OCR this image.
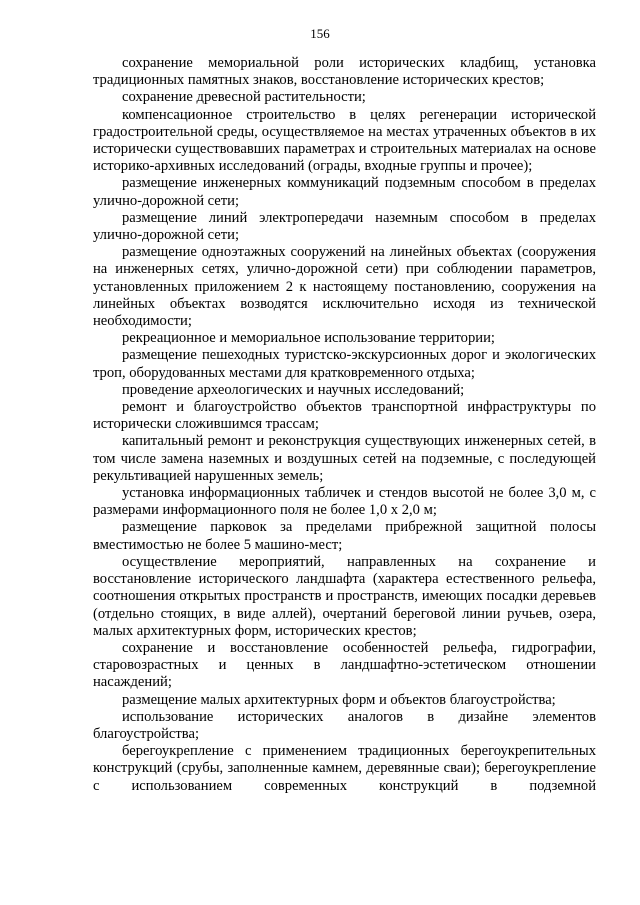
156

сохранение мемориальной роли исторических кладбищ, установка традиционных памятных знаков, восстановление исторических крестов;

сохранение древесной растительности;

компенсационное строительство в целях регенерации исторической градостроительной среды, осуществляемое на местах утраченных объектов в их исторически существовавших параметрах и строительных материалах на основе историко-архивных исследований (ограды, входные группы и прочее);

размещение инженерных коммуникаций подземным способом в пределах улично-дорожной сети;

размещение линий электропередачи наземным способом в пределах улично-дорожной сети;

размещение одноэтажных сооружений на линейных объектах (сооружения на инженерных сетях, улично-дорожной сети) при соблюдении параметров, установленных приложением 2 к настоящему постановлению, сооружения на линейных объектах возводятся исключительно исходя из технической необходимости;

рекреационное и мемориальное использование территории;

размещение пешеходных туристско-экскурсионных дорог и экологических троп, оборудованных местами для кратковременного отдыха;

проведение археологических и научных исследований;

ремонт и благоустройство объектов транспортной инфраструктуры по исторически сложившимся трассам;

капитальный ремонт и реконструкция существующих инженерных сетей, в том числе замена наземных и воздушных сетей на подземные, с последующей рекультивацией нарушенных земель;

установка информационных табличек и стендов высотой не более 3,0 м, с размерами информационного поля не более 1,0 х 2,0 м;

размещение парковок за пределами прибрежной защитной полосы вместимостью не более 5 машино-мест;

осуществление мероприятий, направленных на сохранение и восстановление исторического ландшафта (характера естественного рельефа, соотношения открытых пространств и пространств, имеющих посадки деревьев (отдельно стоящих, в виде аллей), очертаний береговой линии ручьев, озера, малых архитектурных форм, исторических крестов;

сохранение и восстановление особенностей рельефа, гидрографии, старовозрастных и ценных в ландшафтно-эстетическом отношении насаждений;

размещение малых архитектурных форм и объектов благоустройства;

использование исторических аналогов в дизайне элементов благоустройства;

берегоукрепление с применением традиционных берегоукрепительных конструкций (срубы, заполненные камнем, деревянные сваи); берегоукрепление с использованием современных конструкций в подземной
